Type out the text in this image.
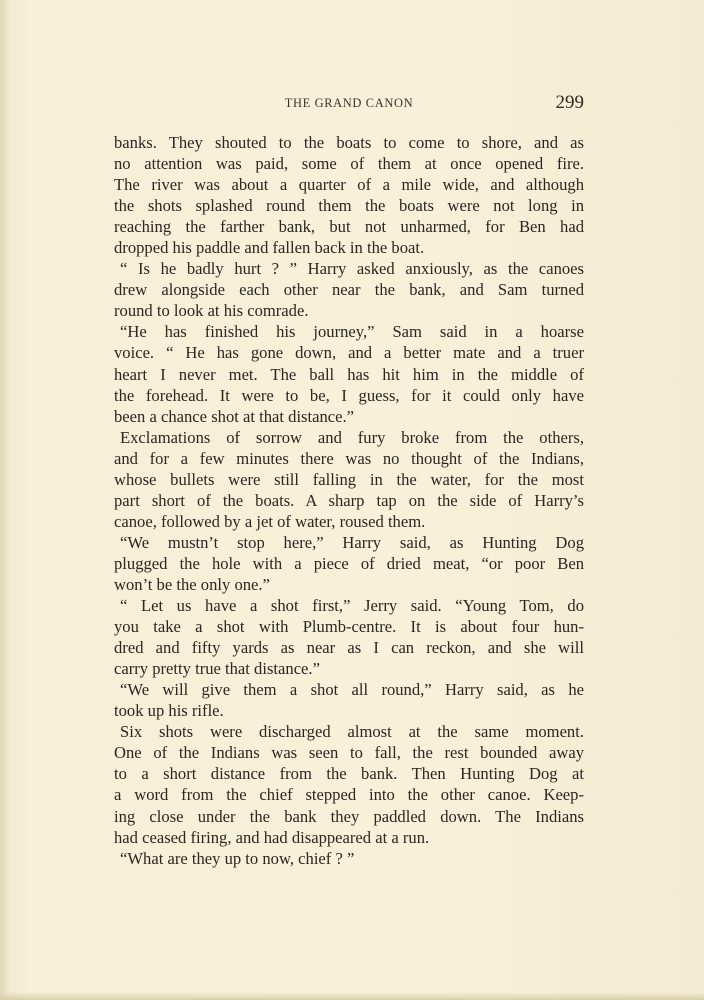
THE GRAND CANON	299
banks. They shouted to the boats to come to shore, and as
no attention was paid, some of them at once opened fire.
The river was about a quarter of a mile wide, and although
the shots splashed round them the boats were not long in
reaching the farther bank, but not unharmed, for Ben had
dropped his paddle and fallen back in the boat.
“ Is he badly hurt ? ” Harry asked anxiously, as the canoes
drew alongside each other near the bank, and Sam turned
round to look at his comrade.
“He has finished his journey,” Sam said in a hoarse
voice. “ He has gone down, and a better mate and a truer
heart I never met. The ball has hit him in the middle of
the forehead. It were to be, I guess, for it could only have
been a chance shot at that distance.”
Exclamations of sorrow and fury broke from the others,
and for a few minutes there was no thought of the Indians,
whose bullets were still falling in the water, for the most
part short of the boats. A sharp tap on the side of Harry’s
canoe, followed by a jet of water, roused them.
“We mustn’t stop here,” Harry said, as Hunting Dog
plugged the hole with a piece of dried meat, “or poor Ben
won’t be the only one.”
“ Let us have a shot first,” Jerry said. “Young Tom, do
you take a shot with Plumb-centre. It is about four hun-
dred and fifty yards as near as I can reckon, and she will
carry pretty true that distance.”
“We will give them a shot all round,” Harry said, as he
took up his rifle.
Six shots were discharged almost at the same moment.
One of the Indians was seen to fall, the rest bounded away
to a short distance from the bank. Then Hunting Dog at
a word from the chief stepped into the other canoe. Keep-
ing close under the bank they paddled down. The Indians
had ceased firing, and had disappeared at a run.
“What are they up to now, chief ? ”
